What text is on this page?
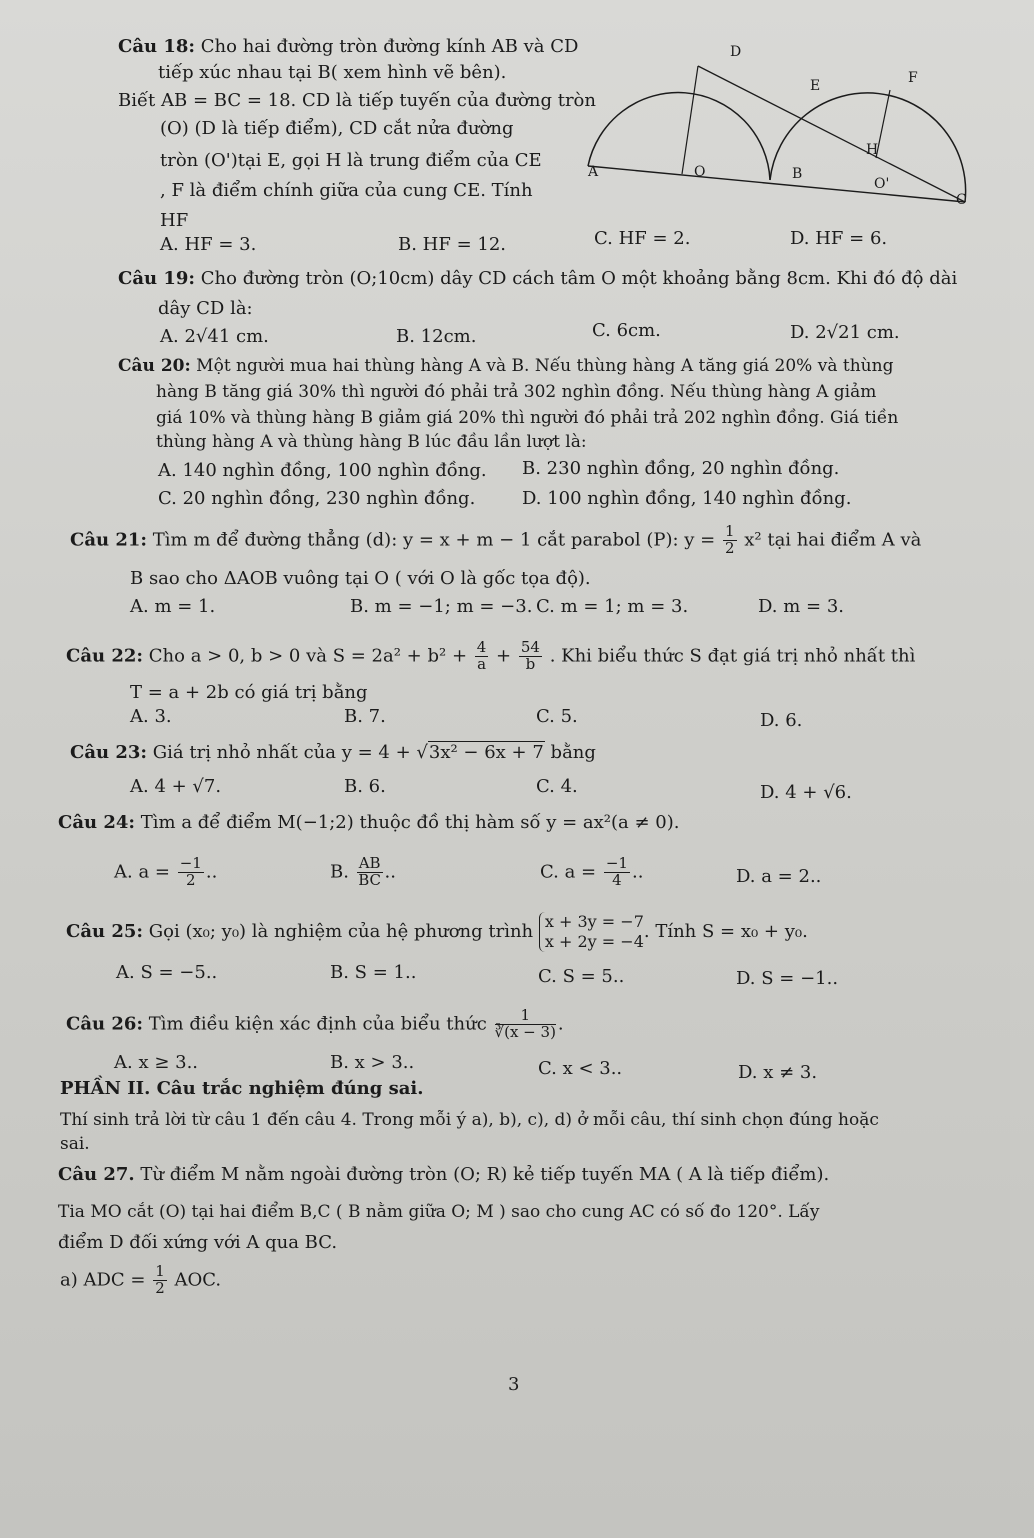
Câu 18: Cho hai đường tròn đường kính AB và CD
tiếp xúc nhau tại B( xem hình vẽ bên).
Biết AB = BC = 18. CD là tiếp tuyến của đường tròn
(O) (D là tiếp điểm), CD cắt nửa đường
tròn (O')tại E, gọi H là trung điểm của CE
, F là điểm chính giữa của cung CE. Tính
HF
A. HF = 3.	B. HF = 12.	C. HF = 2.	D. HF = 6.
D
E	F
H
A	O	B
O'
C
Câu 19: Cho đường tròn (O;10cm) dây CD cách tâm O một khoảng bằng 8cm. Khi đó độ dài
dây CD là:
A. 2√41 cm.	B. 12cm.	C. 6cm.	D. 2√21 cm.
Câu 20: Một người mua hai thùng hàng A và B. Nếu thùng hàng A tăng giá 20% và thùng
hàng B tăng giá 30% thì người đó phải trả 302 nghìn đồng. Nếu thùng hàng A giảm
giá 10% và thùng hàng B giảm giá 20% thì người đó phải trả 202 nghìn đồng. Giá tiền
thùng hàng A và thùng hàng B lúc đầu lần lượt là:
A. 140 nghìn đồng, 100 nghìn đồng. B. 230 nghìn đồng, 20 nghìn đồng.
C. 20 nghìn đồng, 230 nghìn đồng.	D. 100 nghìn đồng, 140 nghìn đồng.
Câu 21: Tìm m để đường thẳng (d): y = x + m − 1 cắt parabol (P): $y = \frac{1}{2} x^2$ tại hai điểm A và
B sao cho ΔAOB vuông tại O ( với O là gốc tọa độ).
A. m = 1.	B. m = −1; m = −3. C. m = 1; m = 3.	D. m = 3.
Câu 22: Cho a > 0, b > 0 và $S = 2a^2 + b^2 + \frac{4}{a} + \frac{54}{b}$ . Khi biểu thức S đạt giá trị nhỏ nhất thì
T = a + 2b có giá trị bằng
A. 3.	B. 7.	C. 5.	D. 6.
Câu 23: Giá trị nhỏ nhất của y = 4 + √3x² − 6x + 7 bằng
A. 4 + √7.	B. 6.	C. 4.	D. 4 + √6.
Câu 24: Tìm a để điểm M(−1;2) thuộc đồ thị hàm số y = ax²(a ≠ 0).
A. $a = \frac{-1}{2}$ ..	B. $\frac{AB}{BC}$ ..	C. $a = \frac{-1}{4}$ ..	D. a = 2..
Câu 25: Gọi (x₀; y₀) là nghiệm của hệ phương trình x + 3y = −7
x + 2y = −4 . Tính S = x₀ + y₀.
A. S = −5..	B. S = 1..	C. S = 5..	D. S = −1..
Câu 26: Tìm điều kiện xác định của biểu thức $\frac{1}{∛(x - 3)}$ .
A. x ≥ 3..	B. x > 3..	C. x < 3..	D. x ≠ 3.
PHẦN II. Câu trắc nghiệm đúng sai.
Thí sinh trả lời từ câu 1 đến câu 4. Trong mỗi ý a), b), c), d) ở mỗi câu, thí sinh chọn đúng hoặc
sai.
Câu 27. Từ điểm M nằm ngoài đường tròn (O; R) kẻ tiếp tuyến MA ( A là tiếp điểm).
Tia MO cắt (O) tại hai điểm B,C ( B nằm giữa O; M ) sao cho cung AC có số đo 120°. Lấy
điểm D đối xứng với A qua BC.
a) ADC = $\frac{1}{2}$ AOC.
3
